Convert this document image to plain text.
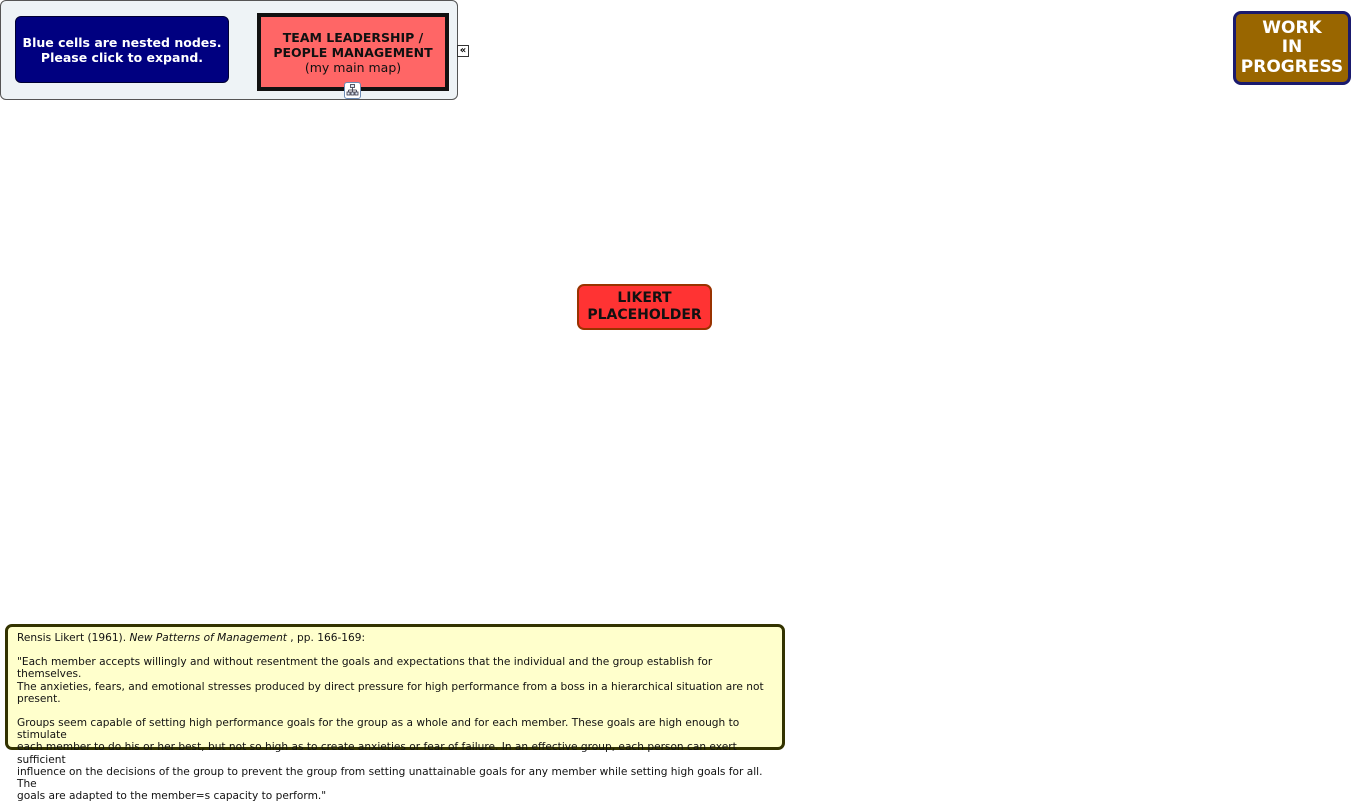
Blue cells are nested nodes.
Please click to expand.
TEAM LEADERSHIP /
PEOPLE MANAGEMENT
(my main map)
«
WORK
IN
PROGRESS
LIKERT
PLACEHOLDER

Rensis Likert (1961). New Patterns of Management , pp. 166-169:

"Each member accepts willingly and without resentment the goals and expectations that the individual and the group establish for themselves.
The anxieties, fears, and emotional stresses produced by direct pressure for high performance from a boss in a hierarchical situation are not present.

Groups seem capable of setting high performance goals for the group as a whole and for each member. These goals are high enough to stimulate
each member to do his or her best, but not so high as to create anxieties or fear of failure. In an effective group, each person can exert sufficient
influence on the decisions of the group to prevent the group from setting unattainable goals for any member while setting high goals for all. The
goals are adapted to the member=s capacity to perform."
